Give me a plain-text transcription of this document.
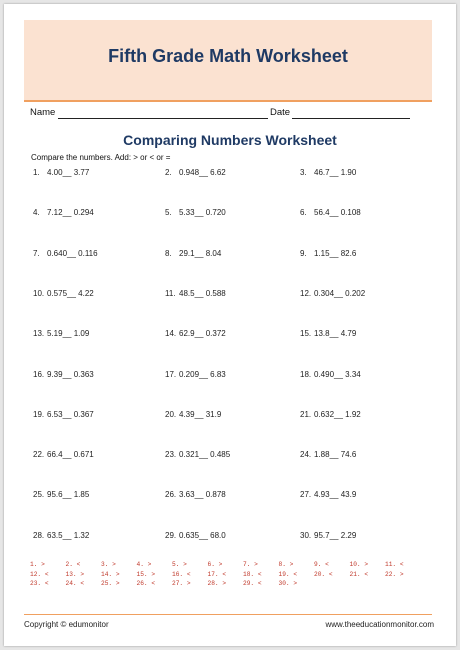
Fifth Grade Math Worksheet
Name	Date
Comparing Numbers Worksheet
Compare the numbers. Add: > or < or =
1. 4.00__ 3.77	2. 0.948__ 6.62	3. 46.7__ 1.90
4. 7.12__ 0.294	5. 5.33__ 0.720	6. 56.4__ 0.108
7. 0.640__ 0.116	8. 29.1__ 8.04	9. 1.15__ 82.6
10. 0.575__ 4.22	11. 48.5__ 0.588	12. 0.304__ 0.202
13. 5.19__ 1.09	14. 62.9__ 0.372	15. 13.8__ 4.79
16. 9.39__ 0.363	17. 0.209__ 6.83	18. 0.490__ 3.34
19. 6.53__ 0.367	20. 4.39__ 31.9	21. 0.632__ 1.92
22. 66.4__ 0.671	23. 0.321__ 0.485	24. 1.88__ 74.6
25. 95.6__ 1.85	26. 3.63__ 0.878	27. 4.93__ 43.9
28. 63.5__ 1.32	29. 0.635__ 68.0	30. 95.7__ 2.29
1. >	2. <	3. >	4. >	5. >	6. >	7. >	8. >	9. <	10. >	11. <
12. <	13. >	14. >	15. >	16. <	17. <	18. <	19. <	20. <	21. <	22. >
23. <	24. <	25. >	26. <	27. >	28. >	29. <	30. >
Copyright © edumonitor	www.theeducationmonitor.com
